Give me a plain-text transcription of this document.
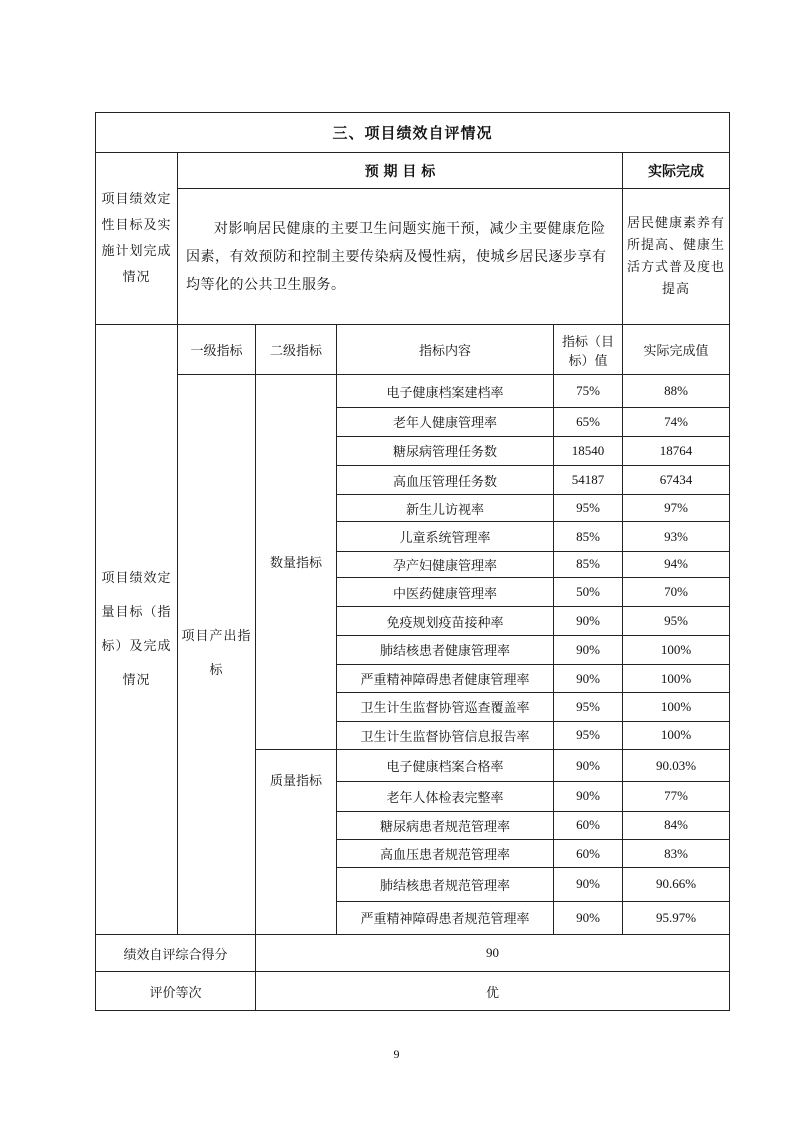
三、项目绩效自评情况					
项目绩效定性目标及实施计划完成情况	预 期 目 标				实际完成
	对影响居民健康的主要卫生问题实施干预，减少主要健康危险因素，有效预防和控制主要传染病及慢性病，使城乡居民逐步享有均等化的公共卫生服务。				居民健康素养有所提高、健康生活方式普及度也提高
项目绩效定量目标（指标）及完成情况	一级指标	二级指标	指标内容	指标（目标）值	实际完成值
	项目产出指标	数量指标	电子健康档案建档率	75%	88%
			老年人健康管理率	65%	74%
			糖尿病管理任务数	18540	18764
			高血压管理任务数	54187	67434
			新生儿访视率	95%	97%
			儿童系统管理率	85%	93%
			孕产妇健康管理率	85%	94%
			中医药健康管理率	50%	70%
			免疫规划疫苗接种率	90%	95%
			肺结核患者健康管理率	90%	100%
			严重精神障碍患者健康管理率	90%	100%
			卫生计生监督协管巡查覆盖率	95%	100%
			卫生计生监督协管信息报告率	95%	100%
		质量指标	电子健康档案合格率	90%	90.03%
			老年人体检表完整率	90%	77%
			糖尿病患者规范管理率	60%	84%
			高血压患者规范管理率	60%	83%
			肺结核患者规范管理率	90%	90.66%
			严重精神障碍患者规范管理率	90%	95.97%
绩效自评综合得分		90			
评价等次		优			
9
